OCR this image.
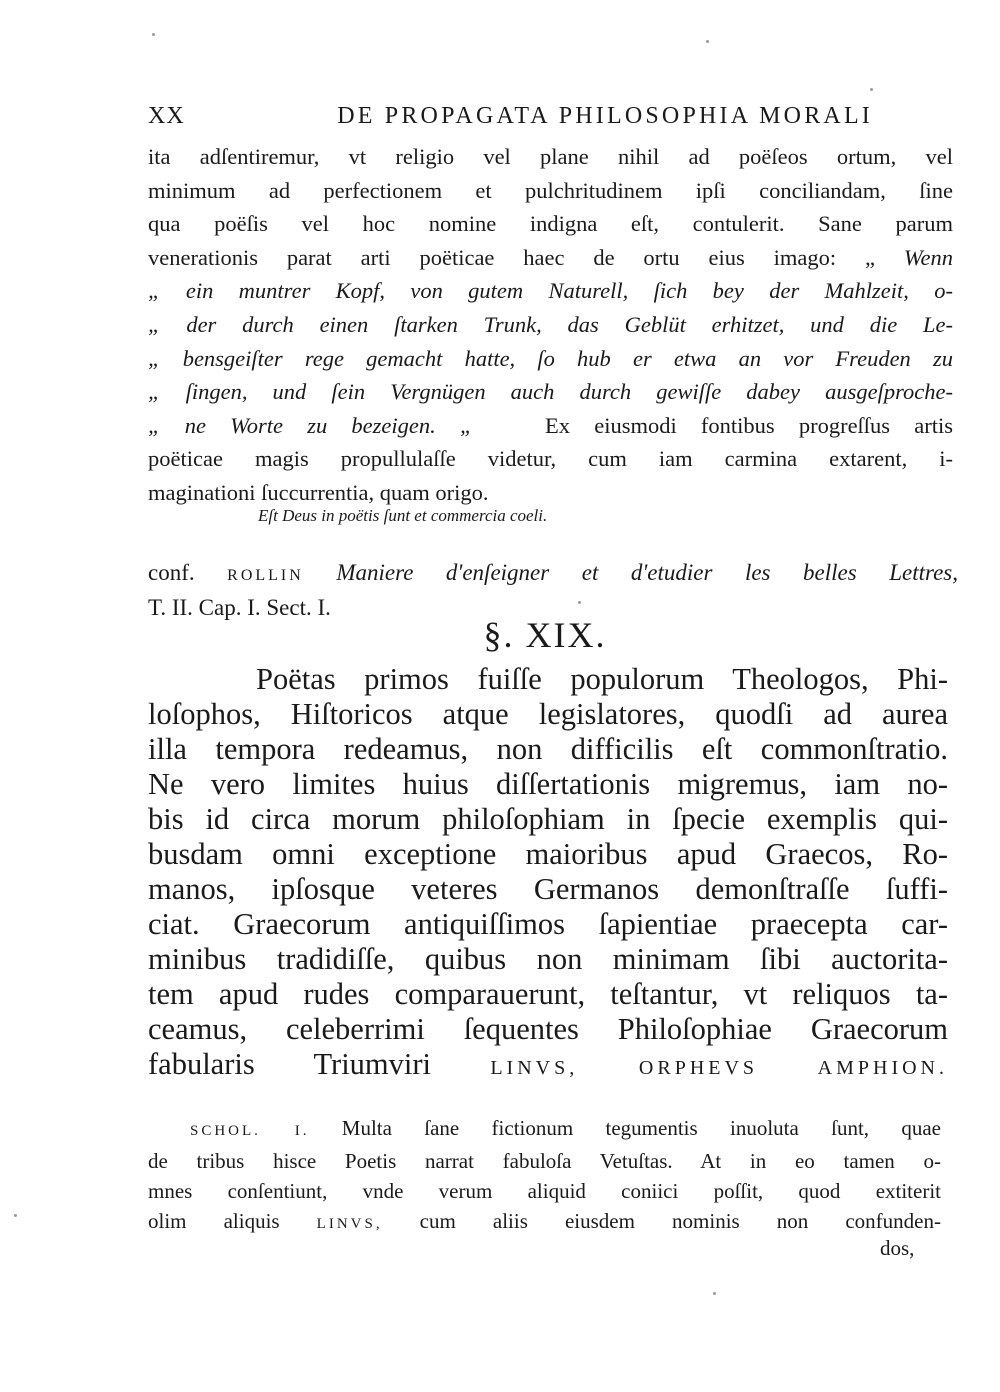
XX	DE PROPAGATA PHILOSOPHIA MORALI
ita adſentiremur, vt religio vel plane nihil ad poëſeos ortum, vel
minimum ad perfectionem et pulchritudinem ipſi conciliandam, ſine
qua poëſis vel hoc nomine indigna eſt, contulerit. Sane parum
venerationis parat arti poëticae haec de ortu eius imago: „ Wenn
„ ein muntrer Kopf, von gutem Naturell, ſich bey der Mahlzeit, o-
„ der durch einen ſtarken Trunk, das Geblüt erhitzet, und die Le-
„ bensgeiſter rege gemacht hatte, ſo hub er etwa an vor Freuden zu
„ ſingen, und ſein Vergnügen auch durch gewiſſe dabey ausgeſproche-
„ ne Worte zu bezeigen. „	Ex eiusmodi fontibus progreſſus artis
poëticae magis propullulaſſe videtur, cum iam carmina extarent, i-
maginationi ſuccurrentia, quam origo.
Eſt Deus in poëtis ſunt et commercia coeli.
conf. ROLLIN Maniere d'enſeigner et d'etudier les belles Lettres,
T. II. Cap. I. Sect. I.
§. XIX.
Poëtas primos fuiſſe populorum Theologos, Phi-
loſophos, Hiſtoricos atque legislatores, quodſi ad aurea
illa tempora redeamus, non difficilis eſt commonſtratio.
Ne vero limites huius diſſertationis migremus, iam no-
bis id circa morum philoſophiam in ſpecie exemplis qui-
busdam omni exceptione maioribus apud Graecos, Ro-
manos, ipſosque veteres Germanos demonſtraſſe ſuffi-
ciat. Graecorum antiquiſſimos ſapientiae praecepta car-
minibus tradidiſſe, quibus non minimam ſibi auctorita-
tem apud rudes comparauerunt, teſtantur, vt reliquos ta-
ceamus, celeberrimi ſequentes Philoſophiae Graecorum
fabularis Triumviri	LINVS, ORPHEVS AMPHION.
SCHOL. I. Multa ſane fictionum tegumentis inuoluta ſunt, quae
de tribus hisce Poetis narrat fabuloſa Vetuſtas. At in eo tamen o-
mnes conſentiunt, vnde verum aliquid coniici poſſit, quod extiterit
olim aliquis LINVS, cum aliis eiusdem nominis non confunden-
dos,
